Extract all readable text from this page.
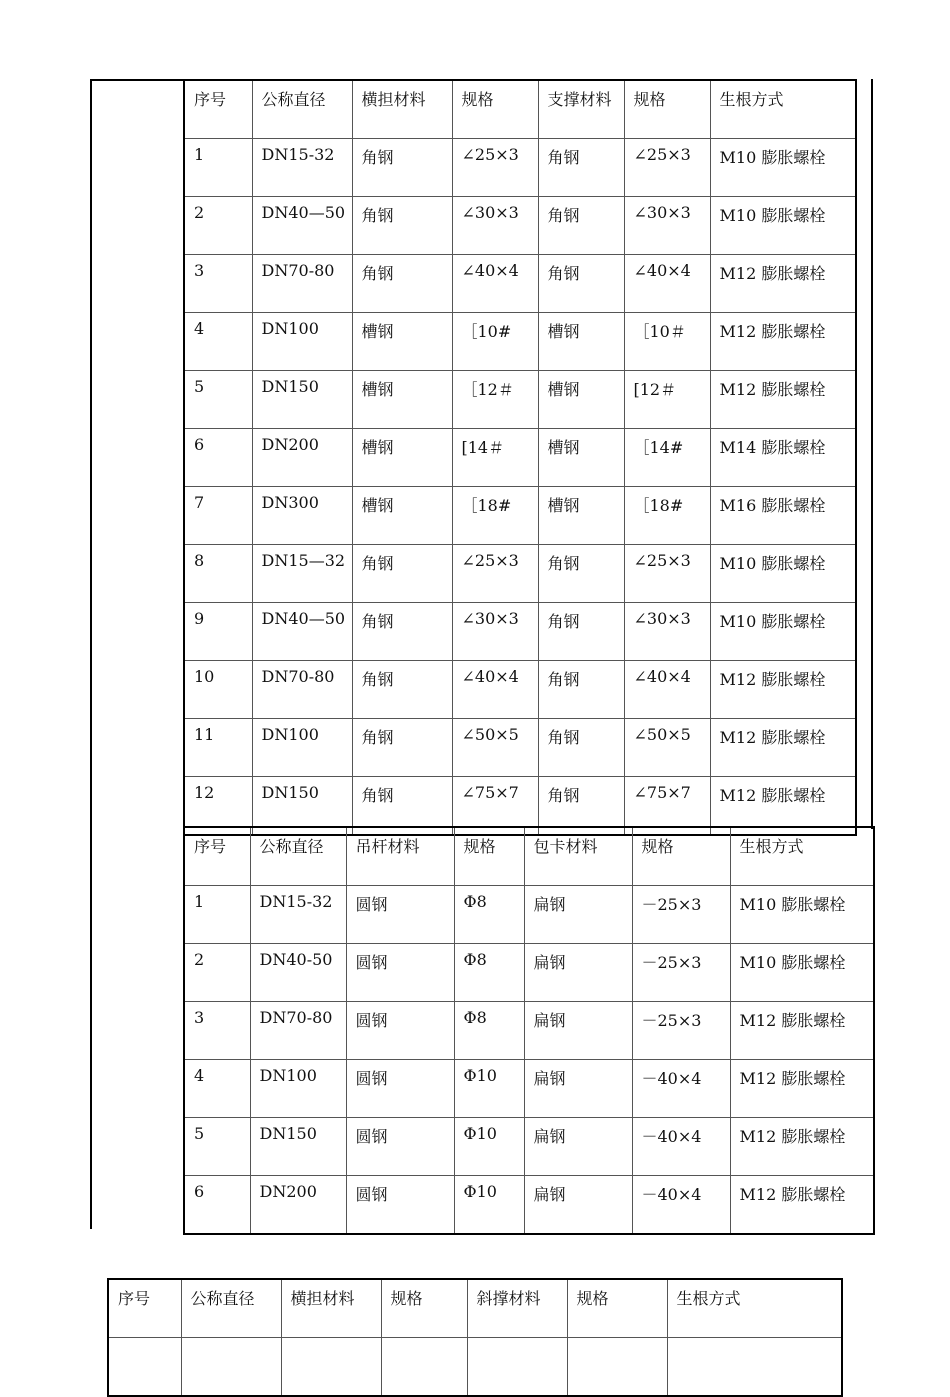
序号	公称直径	横担材料	规格	支撑材料	规格	生根方式
1	DN15-32	角钢	∠25×3	角钢	∠25×3	M10 膨胀螺栓
2	DN40—50	角钢	∠30×3	角钢	∠30×3	M10 膨胀螺栓
3	DN70-80	角钢	∠40×4	角钢	∠40×4	M12 膨胀螺栓
4	DN100	槽钢	［10#	槽钢	［10＃	M12 膨胀螺栓
5	DN150	槽钢	［12＃	槽钢	[12＃	M12 膨胀螺栓
6	DN200	槽钢	[14＃	槽钢	［14#	M14 膨胀螺栓
7	DN300	槽钢	［18#	槽钢	［18#	M16 膨胀螺栓
8	DN15—32	角钢	∠25×3	角钢	∠25×3	M10 膨胀螺栓
9	DN40—50	角钢	∠30×3	角钢	∠30×3	M10 膨胀螺栓
10	DN70-80	角钢	∠40×4	角钢	∠40×4	M12 膨胀螺栓
11	DN100	角钢	∠50×5	角钢	∠50×5	M12 膨胀螺栓
12	DN150	角钢	∠75×7	角钢	∠75×7	M12 膨胀螺栓
序号	公称直径	吊杆材料	规格	包卡材料	规格	生根方式
1	DN15-32	圆钢	Φ8	扁钢	－25×3	M10 膨胀螺栓
2	DN40-50	圆钢	Φ8	扁钢	－25×3	M10 膨胀螺栓
3	DN70-80	圆钢	Φ8	扁钢	－25×3	M12 膨胀螺栓
4	DN100	圆钢	Φ10	扁钢	－40×4	M12 膨胀螺栓
5	DN150	圆钢	Φ10	扁钢	－40×4	M12 膨胀螺栓
6	DN200	圆钢	Φ10	扁钢	－40×4	M12 膨胀螺栓
序号	公称直径	横担材料	规格	斜撑材料	规格	生根方式
